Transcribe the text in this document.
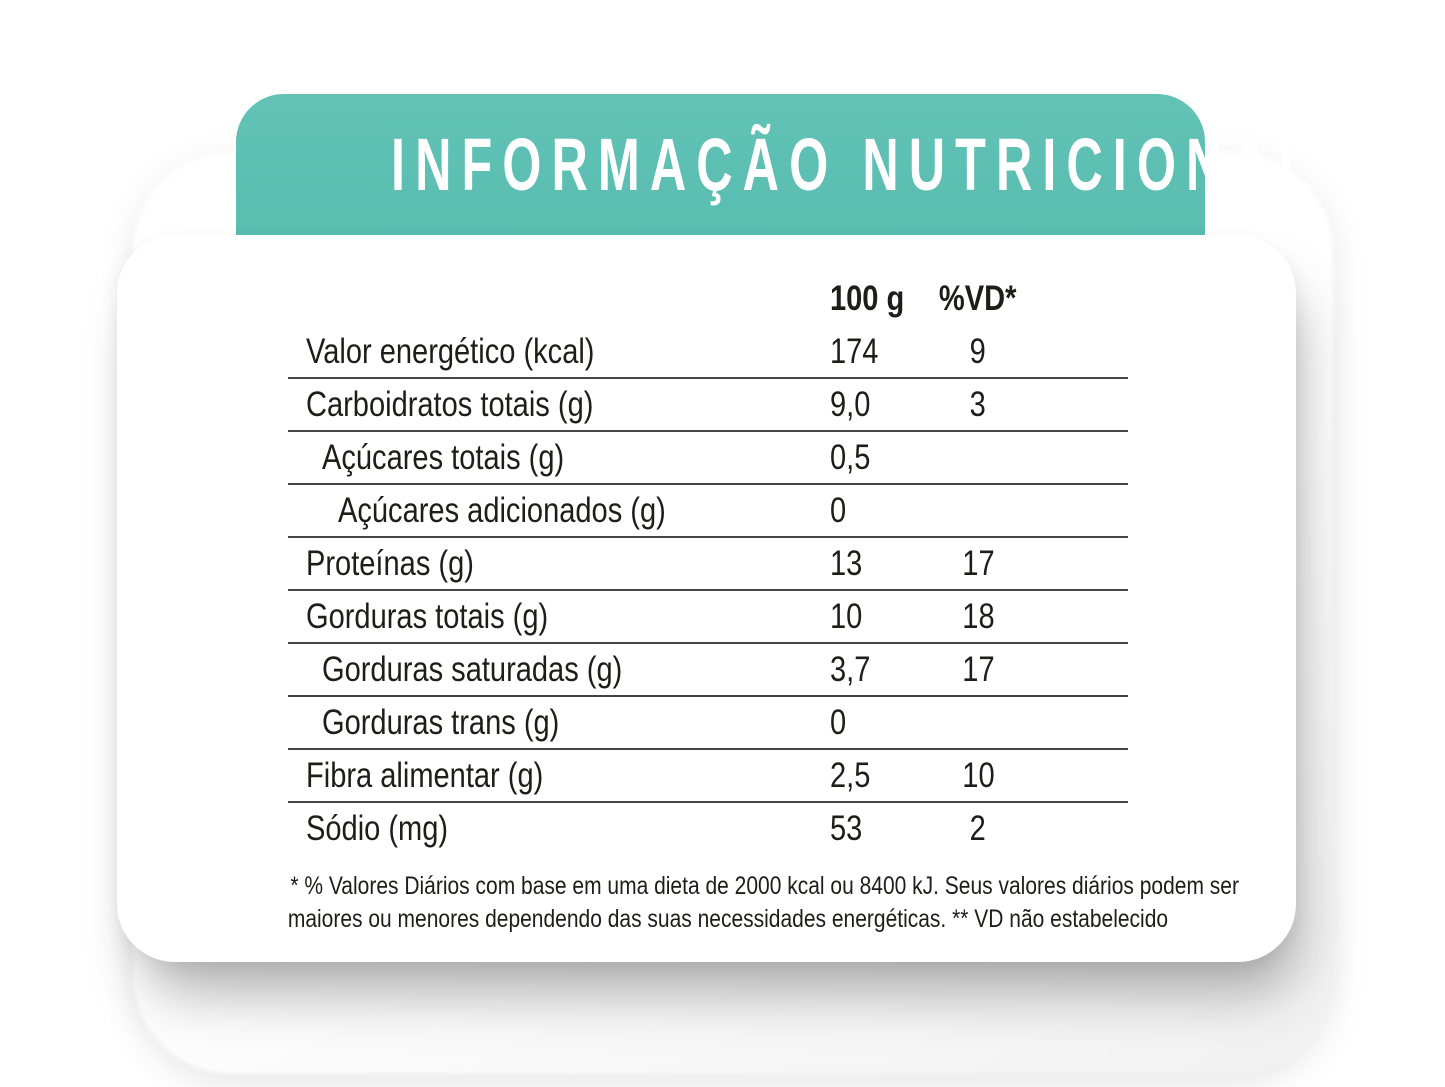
INFORMAÇÃO NUTRICIONAL
100 g %VD*
Valor energético (kcal)	174	9
Carboidratos totais (g)	9,0	3
Açúcares totais (g)	0,5
Açúcares adicionados (g)	0
Proteínas (g)	13	17
Gorduras totais (g)	10	18
Gorduras saturadas (g)	3,7	17
Gorduras trans (g)	0
Fibra alimentar (g)	2,5	10
Sódio (mg)	53	2
* % Valores Diários com base em uma dieta de 2000 kcal ou 8400 kJ. Seus valores diários podem ser
maiores ou menores dependendo das suas necessidades energéticas. ** VD não estabelecido
